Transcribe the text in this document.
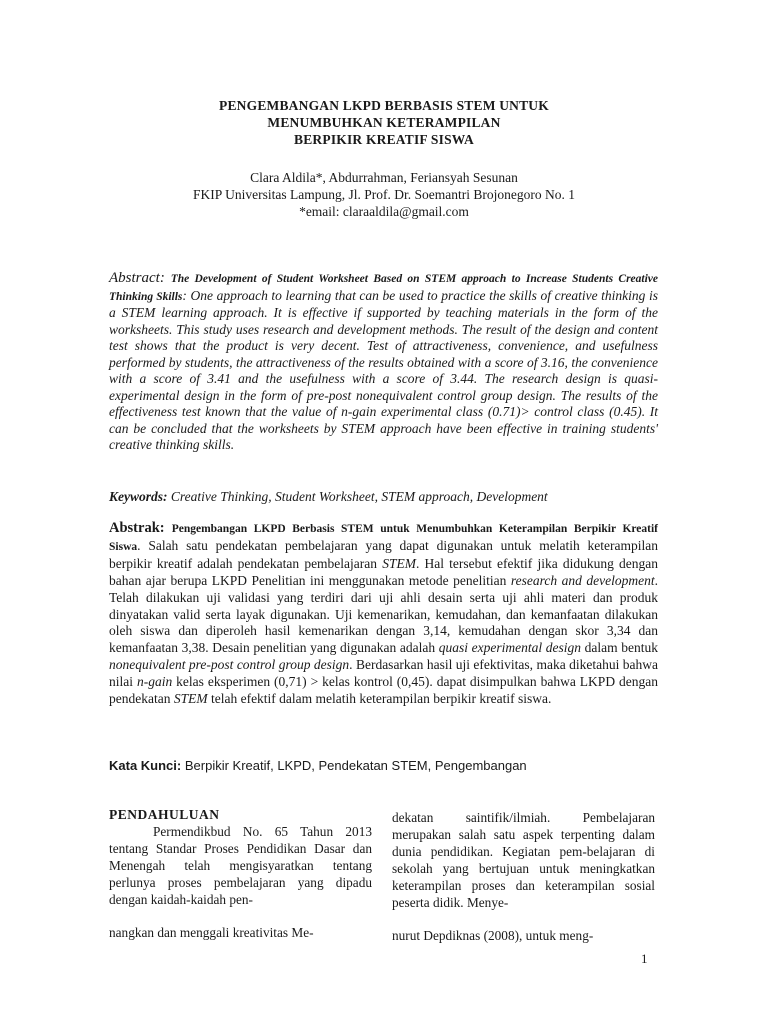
PENGEMBANGAN LKPD BERBASIS STEM UNTUK
MENUMBUHKAN KETERAMPILAN
BERPIKIR KREATIF SISWA
Clara Aldila*, Abdurrahman, Feriansyah Sesunan
FKIP Universitas Lampung, Jl. Prof. Dr. Soemantri Brojonegoro No. 1
*email: claraaldila@gmail.com
Abstract: The Development of Student Worksheet Based on STEM approach to Increase Students Creative Thinking Skills: One approach to learning that can be used to practice the skills of creative thinking is a STEM learning approach. It is effective if supported by teaching materials in the form of the worksheets. This study uses research and development methods. The result of the design and content test shows that the product is very decent. Test of attractiveness, convenience, and usefulness performed by students, the attractiveness of the results obtained with a score of 3.16, the convenience with a score of 3.41 and the usefulness with a score of 3.44. The research design is quasi-experimental design in the form of pre-post nonequivalent control group design. The results of the effectiveness test known that the value of n-gain experimental class (0.71)> control class (0.45). It can be concluded that the worksheets by STEM approach have been effective in training students' creative thinking skills.
Keywords: Creative Thinking, Student Worksheet, STEM approach, Development
Abstrak: Pengembangan LKPD Berbasis STEM untuk Menumbuhkan Keterampilan Berpikir Kreatif Siswa. Salah satu pendekatan pembelajaran yang dapat digunakan untuk melatih keterampilan berpikir kreatif adalah pendekatan pembelajaran STEM. Hal tersebut efektif jika didukung dengan bahan ajar berupa LKPD Penelitian ini menggunakan metode penelitian research and development. Telah dilakukan uji validasi yang terdiri dari uji ahli desain serta uji ahli materi dan produk dinyatakan valid serta layak digunakan. Uji kemenarikan, kemudahan, dan kemanfaatan dilakukan oleh siswa dan diperoleh hasil kemenarikan dengan 3,14, kemudahan dengan skor 3,34 dan kemanfaatan 3,38. Desain penelitian yang digunakan adalah quasi experimental design dalam bentuk nonequivalent pre-post control group design. Berdasarkan hasil uji efektivitas, maka diketahui bahwa nilai n-gain kelas eksperimen (0,71) > kelas kontrol (0,45). dapat disimpulkan bahwa LKPD dengan pendekatan STEM telah efektif dalam melatih keterampilan berpikir kreatif siswa.
Kata Kunci: Berpikir Kreatif, LKPD, Pendekatan STEM, Pengembangan
PENDAHULUAN
Permendikbud No. 65 Tahun 2013 tentang Standar Proses Pendidikan Dasar dan Menengah telah mengisyaratkan tentang perlunya proses pembelajaran yang dipadu dengan kaidah-kaidah pen-
nangkan dan menggali kreativitas Me-
dekatan saintifik/ilmiah. Pembelajaran merupakan salah satu aspek terpenting dalam dunia pendidikan. Kegiatan pem-belajaran di sekolah yang bertujuan untuk meningkatkan keterampilan proses dan keterampilan sosial peserta didik. Menye-
nurut Depdiknas (2008), untuk meng-
1
